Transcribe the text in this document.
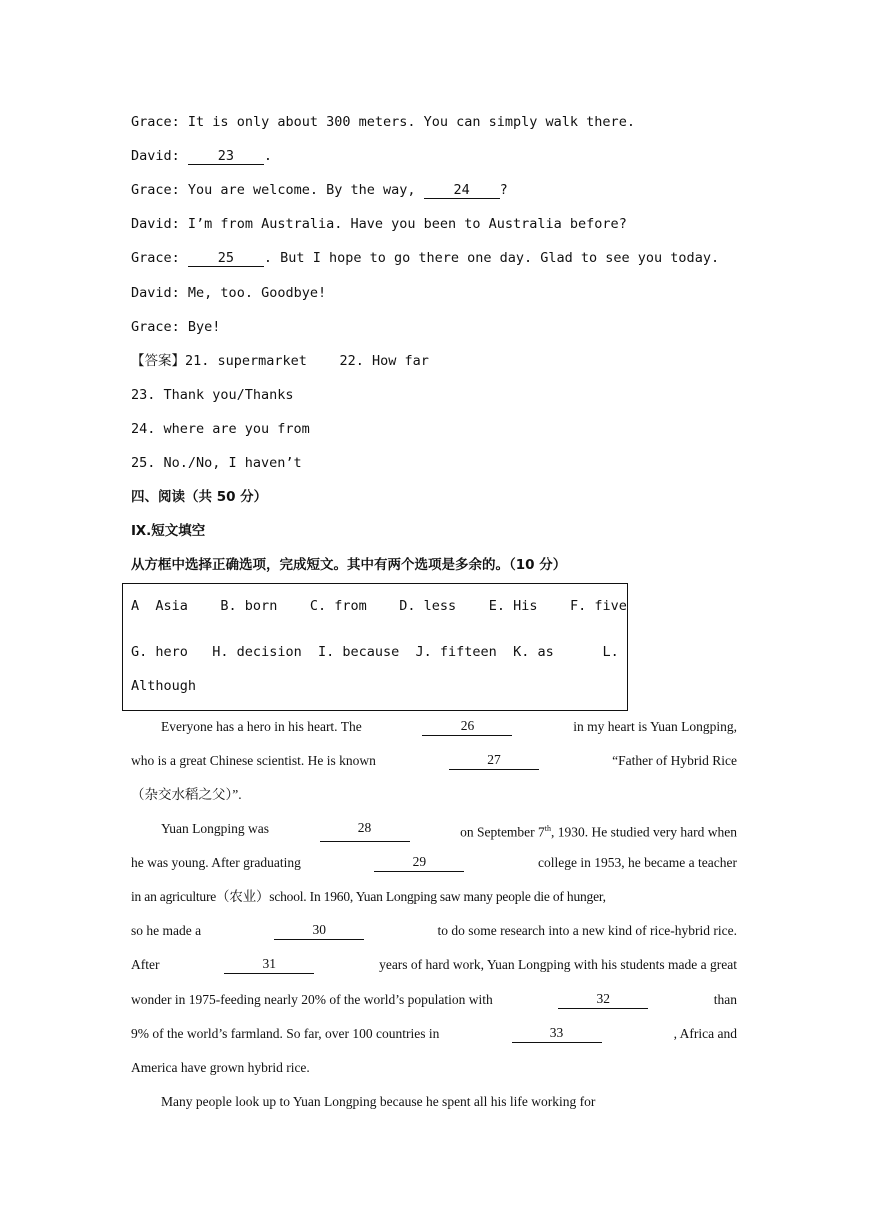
Grace: It is only about 300 meters. You can simply walk there.
David:	23 .
Grace: You are welcome. By the way,	24 ?
David: I’m from Australia. Have you been to Australia before?
Grace:	25 . But I hope to go there one day. Glad to see you today.
David: Me, too. Goodbye!
Grace: Bye!
【答案】21. supermarket 22. How far
23. Thank you/Thanks
24. where are you from
25. No./No, I haven’t
四、阅读（共 50 分）
Ⅸ.短文填空
从方框中选择正确选项，完成短文。其中有两个选项是多余的。（10 分）
A  Asia B. born C. from D. less E. His F. five
G. hero H. decision I. because J. fifteen K. as	L.
Although
Everyone has a hero in his heart. The	26	in my heart is Yuan Longping,
who is a great Chinese scientist. He is known	27	“Father of Hybrid Rice
（杂交水稻之父）”.
Yuan Longping was	28	on September 7th, 1930. He studied very hard when
he was young. After graduating	29	college in 1953, he became a teacher
in an agriculture（农业）school. In 1960, Yuan Longping saw many people die of hunger,
so he made a	30	to do some research into a new kind of rice-hybrid rice.
After	31	years of hard work, Yuan Longping with his students made a great
wonder in 1975-feeding nearly 20% of the world’s population with	32	than
9% of the world’s farmland. So far, over 100 countries in	33	, Africa and
America have grown hybrid rice.
Many people look up to Yuan Longping because he spent all his life working for
